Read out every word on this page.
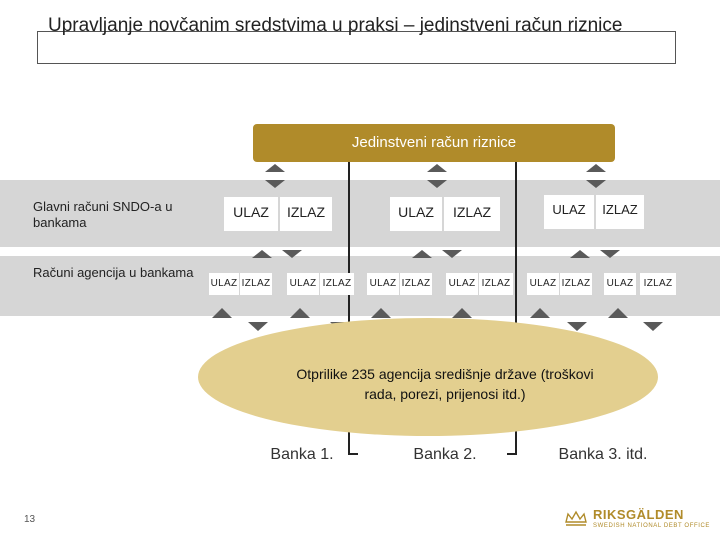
Upravljanje novčanim sredstvima u praksi – jedinstveni račun riznice
Glavni računi SNDO-a u bankama
Računi agencija u bankama
Jedinstveni račun riznice
ULAZ	IZLAZ	ULAZ	IZLAZ	ULAZ	IZLAZ
ULAZ IZLAZ ULAZ IZLAZ ULAZ IZLAZ ULAZ IZLAZ ULAZ IZLAZ ULAZ	IZLAZ
Otprilike 235 agencija središnje države (troškovi rada, porezi, prijenosi itd.)
Banka 1.	Banka 2.	Banka 3. itd.
13	RIKSGÄLDEN
SWEDISH NATIONAL DEBT OFFICE
